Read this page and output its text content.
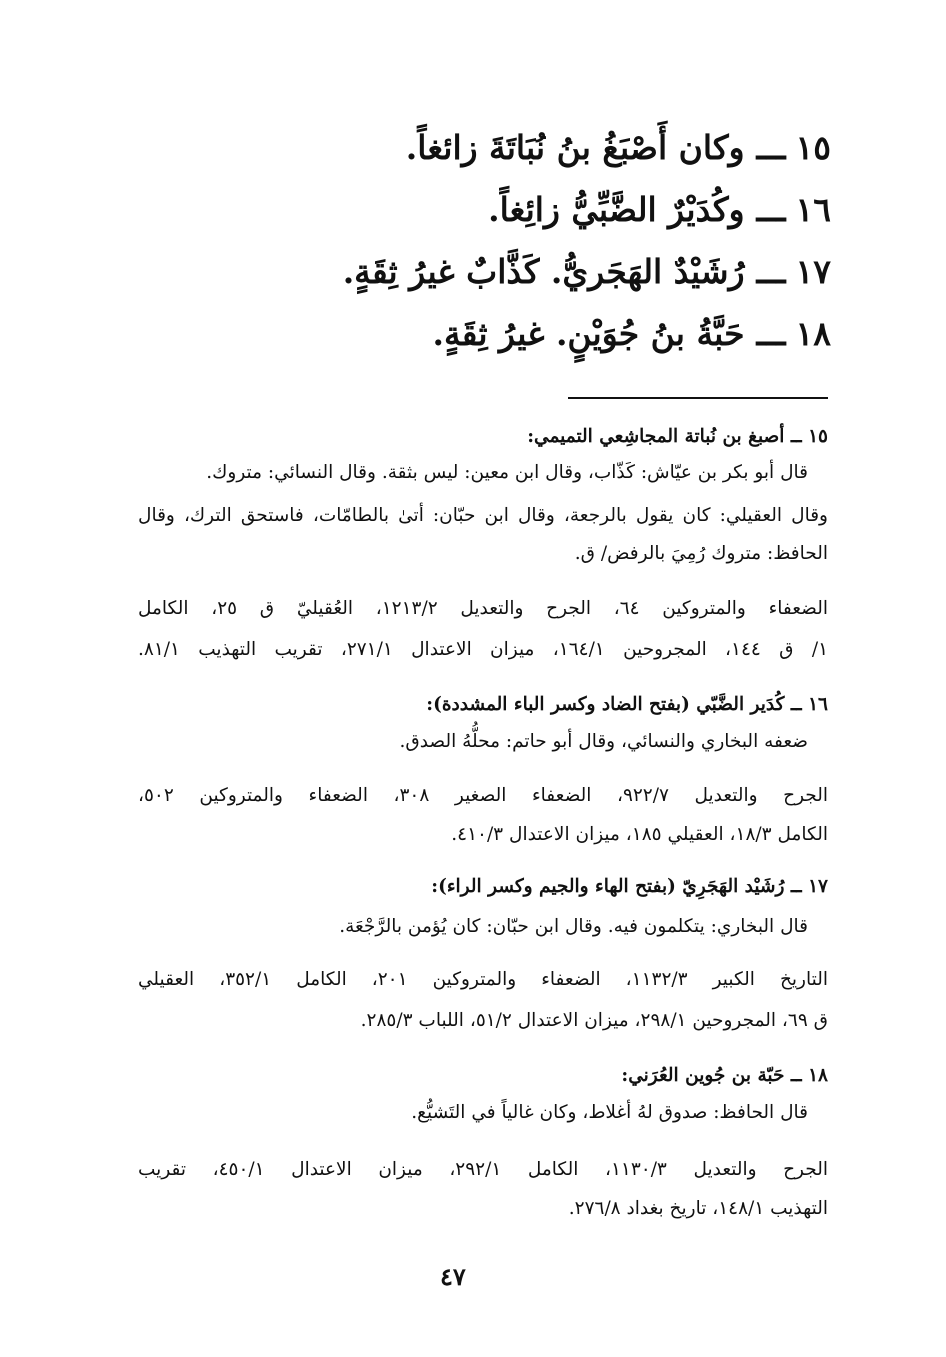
١٥ـــوكان أَصْبَغُ بنُ نُبَاتَةَ زائغاً.
١٦ـــوكُدَيْرٌ الضَّبِّيُّ زائِغاً.
١٧ـــرُشَيْدٌ الهَجَريُّ. كَذَّابٌ غيرُ ثِقَةٍ.
١٨ـــحَبَّةُ بنُ جُوَيْنٍ. غيرُ ثِقَةٍ.
١٥ ــ أصبغ بن نُباتة المجاشِعي التميمي:
قال أبو بكر بن عيّاش: كَذّاب، وقال ابن معين: ليس بثقة. وقال النسائي: متروك.
وقال العقيلي: كان يقول بالرجعة، وقال ابن حبّان: أتىٰ بالطامّات، فاستحق الترك، وقال
الحافظ: متروك رُمِيَ بالرفض/ ق.
الضعفاء والمتروكين ٦٤، الجرح والتعديل ١٢١٣/٢، العُقيليّ ق ٢٥، الكامل
١/ ق ١٤٤، المجروحين ١٦٤/١، ميزان الاعتدال ٢٧١/١، تقريب التهذيب ٨١/١.
١٦ ــ كُدَير الضَّبّي (بفتح الضاد وكسر الباء المشددة):
ضعفه البخاري والنسائي، وقال أبو حاتم: محلُّهُ الصدق.
الجرح والتعديل ٩٢٢/٧، الضعفاء الصغير ٣٠٨، الضعفاء والمتروكين ٥٠٢،
الكامل ١٨/٣، العقيلي ١٨٥، ميزان الاعتدال ٤١٠/٣.
١٧ ــ رُشَيْد الهَجَرِيّ (بفتح الهاء والجيم وكسر الراء):
قال البخاري: يتكلمون فيه. وقال ابن حبّان: كان يُؤمن بالرَّجْعَة.
التاريخ الكبير ١١٣٢/٣، الضعفاء والمتروكين ٢٠١، الكامل ٣٥٢/١، العقيلي
ق ٦٩، المجروحين ٢٩٨/١، ميزان الاعتدال ٥١/٢، اللباب ٢٨٥/٣.
١٨ ــ حَبّة بن جُوين العُرَني:
قال الحافظ: صدوق لهُ أغلاط، وكان غالياً في التَشيُّع.
الجرح والتعديل ١١٣٠/٣، الكامل ٢٩٢/١، ميزان الاعتدال ٤٥٠/١، تقريب
التهذيب ١٤٨/١، تاريخ بغداد ٢٧٦/٨.
٤٧
